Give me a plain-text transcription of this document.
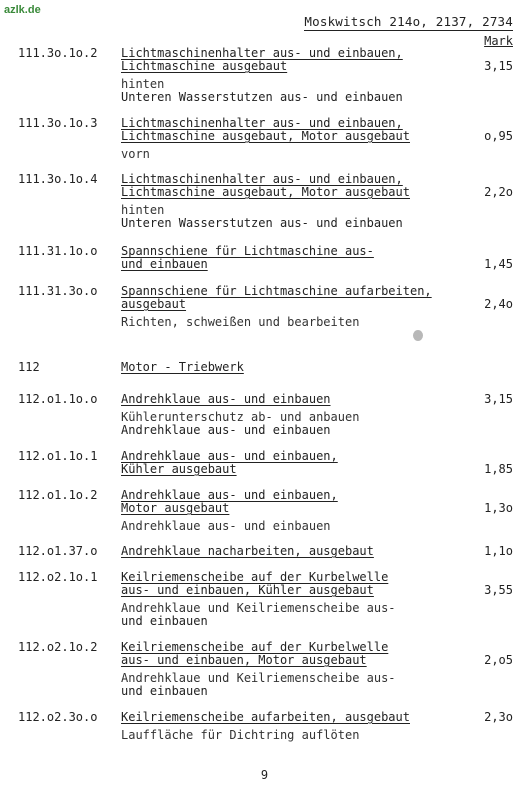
azlk.de
Moskwitsch 214o, 2137, 2734
Mark
111.3o.1o.2 Lichtmaschinenhalter aus- und einbauen,
Lichtmaschine ausgebaut
hinten
Unteren Wasserstutzen aus- und einbauen
3,15
111.3o.1o.3 Lichtmaschinenhalter aus- und einbauen,
Lichtmaschine ausgebaut, Motor ausgebaut
vorn
o,95
111.3o.1o.4 Lichtmaschinenhalter aus- und einbauen,
Lichtmaschine ausgebaut, Motor ausgebaut
hinten
Unteren Wasserstutzen aus- und einbauen
2,2o
111.31.1o.o Spannschiene für Lichtmaschine aus-
und einbauen	1,45
111.31.3o.o Spannschiene für Lichtmaschine aufarbeiten,
ausgebaut
Richten, schweißen und bearbeiten
2,4o
112	Motor - Triebwerk
112.o1.1o.o Andrehklaue aus- und einbauen
Kühlerunterschutz ab- und anbauen
Andrehklaue aus- und einbauen
3,15
112.o1.1o.1 Andrehklaue aus- und einbauen,
Kühler ausgebaut	1,85
112.o1.1o.2 Andrehklaue aus- und einbauen,
Motor ausgebaut
Andrehklaue aus- und einbauen
1,3o
112.o1.37.o Andrehklaue nacharbeiten, ausgebaut	1,1o
112.o2.1o.1 Keilriemenscheibe auf der Kurbelwelle
aus- und einbauen, Kühler ausgebaut
Andrehklaue und Keilriemenscheibe aus-
und einbauen
3,55
112.o2.1o.2 Keilriemenscheibe auf der Kurbelwelle
aus- und einbauen, Motor ausgebaut
Andrehklaue und Keilriemenscheibe aus-
und einbauen
2,o5
112.o2.3o.o Keilriemenscheibe aufarbeiten, ausgebaut
Lauffläche für Dichtring auflöten
2,3o
9
